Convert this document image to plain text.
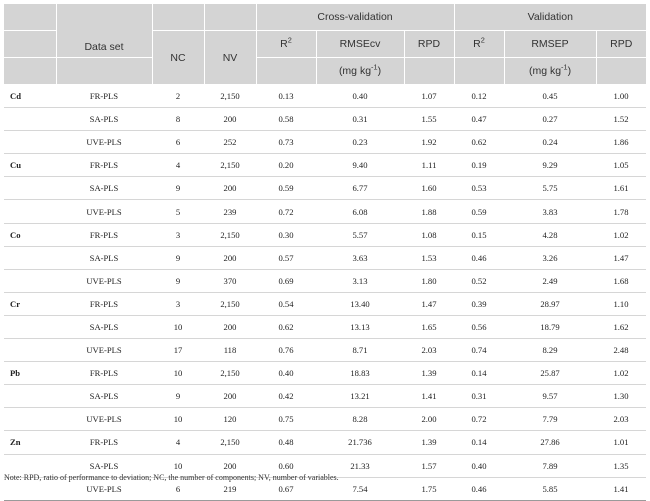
	Data set			Cross-validation			Validation		
		NC	NV	$R^2$	RMSEcv	RPD	$R^2$	RMSEP	RPD
					(mg $kg^{-1}$)			(mg $kg^{-1}$)	
Cd	FR-PLS	2	2,150	0.13	0.40	1.07	0.12	0.45	1.00
	SA-PLS	8	200	0.58	0.31	1.55	0.47	0.27	1.52
	UVE-PLS	6	252	0.73	0.23	1.92	0.62	0.24	1.86
Cu	FR-PLS	4	2,150	0.20	9.40	1.11	0.19	9.29	1.05
	SA-PLS	9	200	0.59	6.77	1.60	0.53	5.75	1.61
	UVE-PLS	5	239	0.72	6.08	1.88	0.59	3.83	1.78
Co	FR-PLS	3	2,150	0.30	5.57	1.08	0.15	4.28	1.02
	SA-PLS	9	200	0.57	3.63	1.53	0.46	3.26	1.47
	UVE-PLS	9	370	0.69	3.13	1.80	0.52	2.49	1.68
Cr	FR-PLS	3	2,150	0.54	13.40	1.47	0.39	28.97	1.10
	SA-PLS	10	200	0.62	13.13	1.65	0.56	18.79	1.62
	UVE-PLS	17	118	0.76	8.71	2.03	0.74	8.29	2.48
Pb	FR-PLS	10	2,150	0.40	18.83	1.39	0.14	25.87	1.02
	SA-PLS	9	200	0.42	13.21	1.41	0.31	9.57	1.30
	UVE-PLS	10	120	0.75	8.28	2.00	0.72	7.79	2.03
Zn	FR-PLS	4	2,150	0.48	21.736	1.39	0.14	27.86	1.01
	SA-PLS	10	200	0.60	21.33	1.57	0.40	7.89	1.35
	UVE-PLS	6	219	0.67	7.54	1.75	0.46	5.85	1.41
Note: RPD, ratio of performance to deviation; NC, the number of components; NV, number of variables.
